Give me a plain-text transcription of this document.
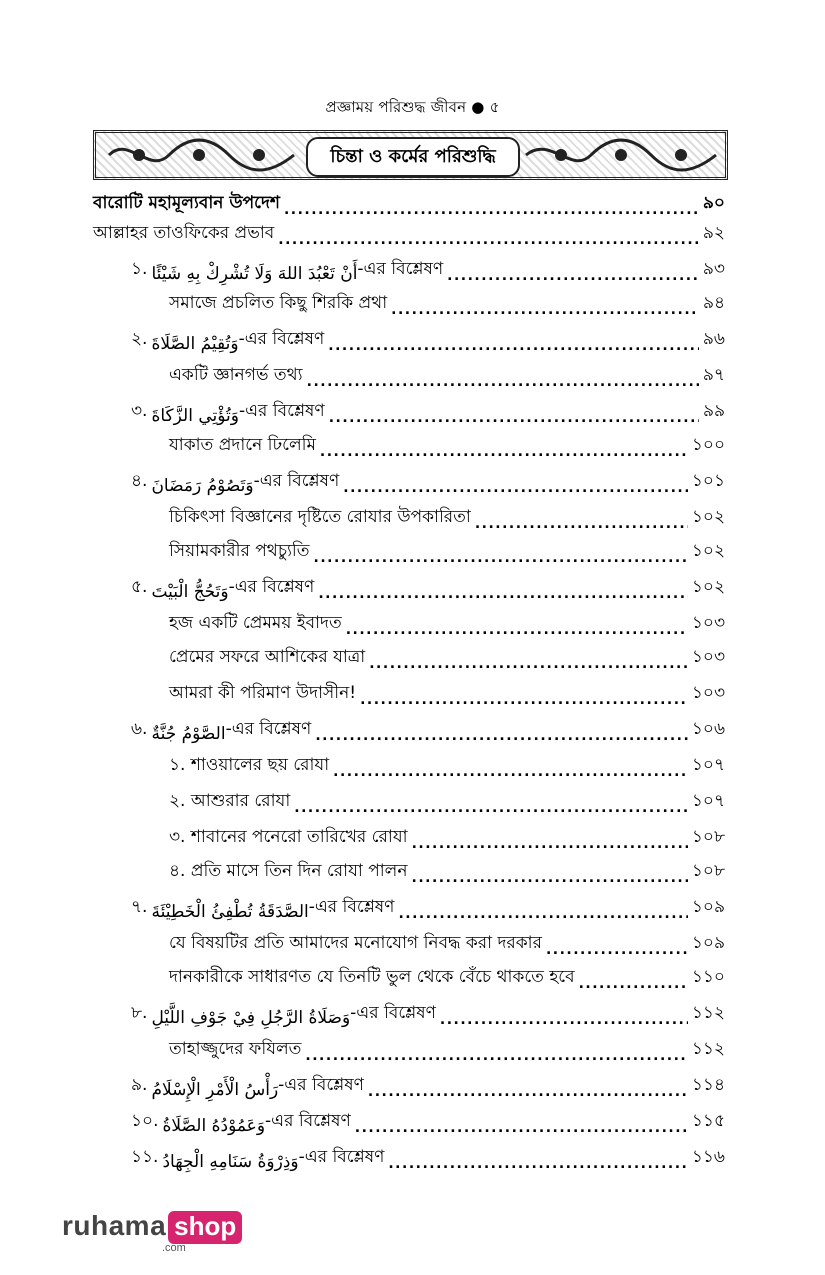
প্রজ্ঞাময় পরিশুদ্ধ জীবন ● ৫
চিন্তা ও কর্মের পরিশুদ্ধি
বারোটি মহামূল্যবান উপদেশ .....	৯০
আল্লাহর তাওফিকের প্রভাব .....	৯২
১. أَنْ تَعْبُدَ اللهَ وَلَا تُشْرِكْ بِهِ شَيْئًا -এর বিশ্লেষণ .....	৯৩
সমাজে প্রচলিত কিছু শিরকি প্রথা .....	৯৪
২. وَتُقِيْمُ الصَّلَاةَ -এর বিশ্লেষণ .....	৯৬
একটি জ্ঞানগর্ভ তথ্য .....	৯৭
৩. وَتُؤْتِي الزَّكَاةَ -এর বিশ্লেষণ .....	৯৯
যাকাত প্রদানে ঢিলেমি .....	১০০
৪. وَتَصُوْمُ رَمَضَانَ -এর বিশ্লেষণ .....	১০১
চিকিৎসা বিজ্ঞানের দৃষ্টিতে রোযার উপকারিতা .....	১০২
সিয়ামকারীর পথচ্যুতি .....	১০২
৫. وَتَحُجُّ الْبَيْتَ -এর বিশ্লেষণ .....	১০২
হজ একটি প্রেমময় ইবাদত .....	১০৩
প্রেমের সফরে আশিকের যাত্রা .....	১০৩
আমরা কী পরিমাণ উদাসীন! .....	১০৩
৬. الصَّوْمُ جُنَّةٌ -এর বিশ্লেষণ .....	১০৬
১. শাওয়ালের ছয় রোযা .....	১০৭
২. আশুরার রোযা .....	১০৭
৩. শাবানের পনেরো তারিখের রোযা .....	১০৮
৪. প্রতি মাসে তিন দিন রোযা পালন .....	১০৮
৭. الصَّدَقَةُ تُطْفِئُ الْخَطِيْئَةَ -এর বিশ্লেষণ .....	১০৯
যে বিষয়টির প্রতি আমাদের মনোযোগ নিবদ্ধ করা দরকার .....	১০৯
দানকারীকে সাধারণত যে তিনটি ভুল থেকে বেঁচে থাকতে হবে .....	১১০
৮. وَصَلَاةُ الرَّجُلِ فِيْ جَوْفِ اللَّيْلِ -এর বিশ্লেষণ .....	১১২
তাহাজ্জুদের ফযিলত .....	১১২
৯. رَأْسُ الْأَمْرِ الْإِسْلَامُ -এর বিশ্লেষণ .....	১১৪
১০. وَعَمُوْدُهُ الصَّلَاةُ -এর বিশ্লেষণ .....	১১৫
১১. وَذِرْوَةُ سَنَامِهِ الْجِهَادُ -এর বিশ্লেষণ .....	১১৬
ruhama shop
.com
